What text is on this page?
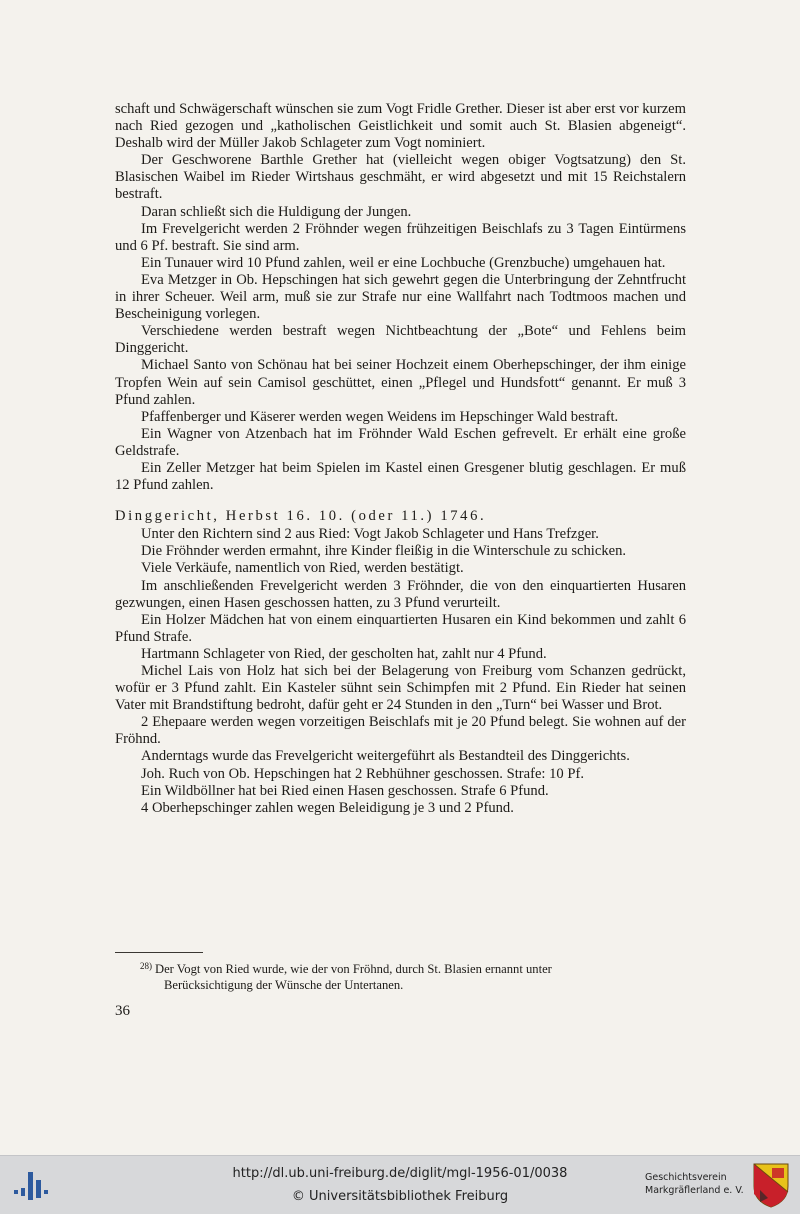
schaft und Schwägerschaft wünschen sie zum Vogt Fridle Grether. Dieser ist aber erst vor kurzem nach Ried gezogen und „katholischen Geistlichkeit und somit auch St. Blasien abgeneigt“. Deshalb wird der Müller Jakob Schlageter zum Vogt nominiert.

Der Geschworene Barthle Grether hat (vielleicht wegen obiger Vogtsatzung) den St. Blasischen Waibel im Rieder Wirtshaus geschmäht, er wird abgesetzt und mit 15 Reichstalern bestraft.

Daran schließt sich die Huldigung der Jungen.

Im Frevelgericht werden 2 Fröhnder wegen frühzeitigen Beischlafs zu 3 Tagen Eintürmens und 6 Pf. bestraft. Sie sind arm.

Ein Tunauer wird 10 Pfund zahlen, weil er eine Lochbuche (Grenzbuche) umgehauen hat.

Eva Metzger in Ob. Hepschingen hat sich gewehrt gegen die Unterbringung der Zehntfrucht in ihrer Scheuer. Weil arm, muß sie zur Strafe nur eine Wallfahrt nach Todtmoos machen und Bescheinigung vorlegen.

Verschiedene werden bestraft wegen Nichtbeachtung der „Bote“ und Fehlens beim Dinggericht.

Michael Santo von Schönau hat bei seiner Hochzeit einem Oberhepschinger, der ihm einige Tropfen Wein auf sein Camisol geschüttet, einen „Pflegel und Hundsfott“ genannt. Er muß 3 Pfund zahlen.

Pfaffenberger und Käserer werden wegen Weidens im Hepschinger Wald bestraft.

Ein Wagner von Atzenbach hat im Fröhnder Wald Eschen gefrevelt. Er erhält eine große Geldstrafe.

Ein Zeller Metzger hat beim Spielen im Kastel einen Gresgener blutig geschlagen. Er muß 12 Pfund zahlen.

Dinggericht, Herbst 16. 10. (oder 11.) 1746.

Unter den Richtern sind 2 aus Ried: Vogt Jakob Schlageter und Hans Trefzger.

Die Fröhnder werden ermahnt, ihre Kinder fleißig in die Winterschule zu schicken.

Viele Verkäufe, namentlich von Ried, werden bestätigt.

Im anschließenden Frevelgericht werden 3 Fröhnder, die von den einquartierten Husaren gezwungen, einen Hasen geschossen hatten, zu 3 Pfund verurteilt.

Ein Holzer Mädchen hat von einem einquartierten Husaren ein Kind bekommen und zahlt 6 Pfund Strafe.

Hartmann Schlageter von Ried, der gescholten hat, zahlt nur 4 Pfund.

Michel Lais von Holz hat sich bei der Belagerung von Freiburg vom Schanzen gedrückt, wofür er 3 Pfund zahlt. Ein Kasteler sühnt sein Schimpfen mit 2 Pfund. Ein Rieder hat seinen Vater mit Brandstiftung bedroht, dafür geht er 24 Stunden in den „Turn“ bei Wasser und Brot.

2 Ehepaare werden wegen vorzeitigen Beischlafs mit je 20 Pfund belegt. Sie wohnen auf der Fröhnd.

Anderntags wurde das Frevelgericht weitergeführt als Bestandteil des Dinggerichts.

Joh. Ruch von Ob. Hepschingen hat 2 Rebhühner geschossen. Strafe: 10 Pf.

Ein Wildböllner hat bei Ried einen Hasen geschossen. Strafe 6 Pfund.

4 Oberhepschinger zahlen wegen Beleidigung je 3 und 2 Pfund.

$^{28)}$ Der Vogt von Ried wurde, wie der von Fröhnd, durch St. Blasien ernannt unter
Berücksichtigung der Wünsche der Untertanen.
36
http://dl.ub.uni-freiburg.de/diglit/mgl-1956-01/0038
© Universitätsbibliothek Freiburg
Geschichtsverein
Markgräflerland e. V.
